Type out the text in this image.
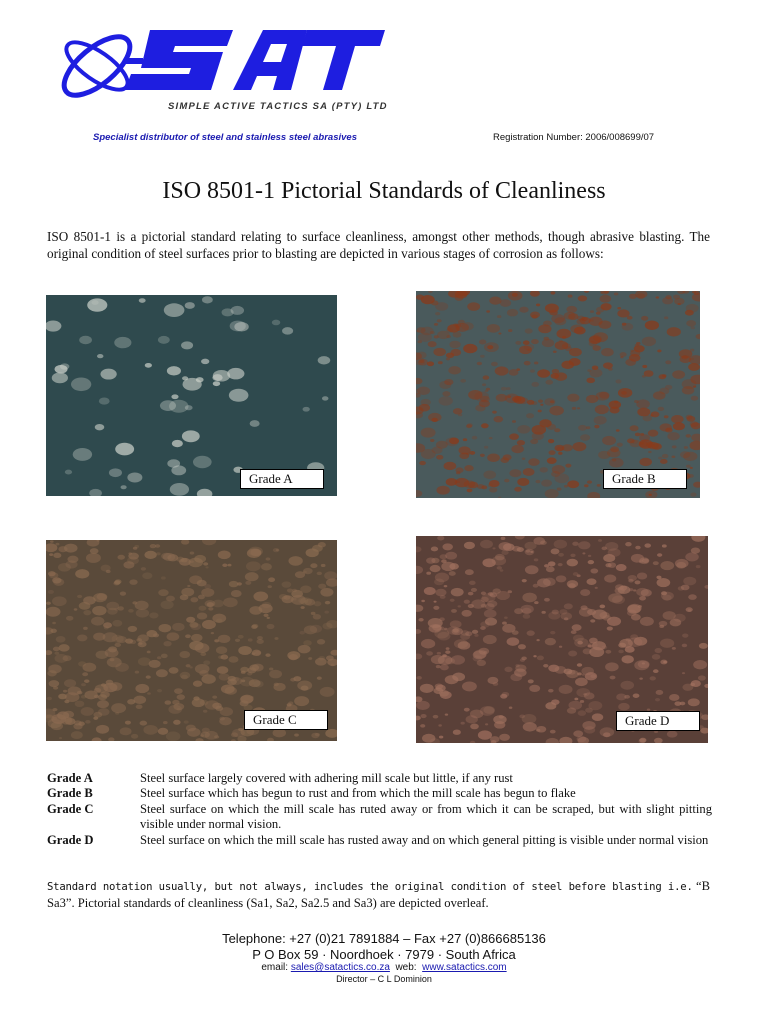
SIMPLE ACTIVE TACTICS SA (PTY) LTD
Specialist distributor of steel and stainless steel abrasives	Registration Number: 2006/008699/07
ISO 8501-1 Pictorial Standards of Cleanliness
ISO 8501-1 is a pictorial standard relating to surface cleanliness, amongst other methods, though abrasive blasting. The original condition of steel surfaces prior to blasting are depicted in various stages of corrosion as follows:
Grade A	Grade B
Grade C	Grade D
Grade A	Steel surface largely covered with adhering mill scale but little, if any rust
Grade B	Steel surface which has begun to rust and from which the mill scale has begun to flake
Grade C	Steel surface on which the mill scale has ruted away or from which it can be scraped, but with slight pitting visible under normal vision.
Grade D	Steel surface on which the mill scale has rusted away and on which general pitting is visible under normal vision
Standard notation usually, but not always, includes the original condition of steel before blasting i.e. “B Sa3”. Pictorial standards of cleanliness (Sa1, Sa2, Sa2.5 and Sa3) are depicted overleaf.
Telephone: +27 (0)21 7891884 – Fax +27 (0)866685136
P O Box 59 · Noordhoek · 7979 · South Africa
email: sales@satactics.co.za  web:  www.satactics.com
Director – C L Dominion
